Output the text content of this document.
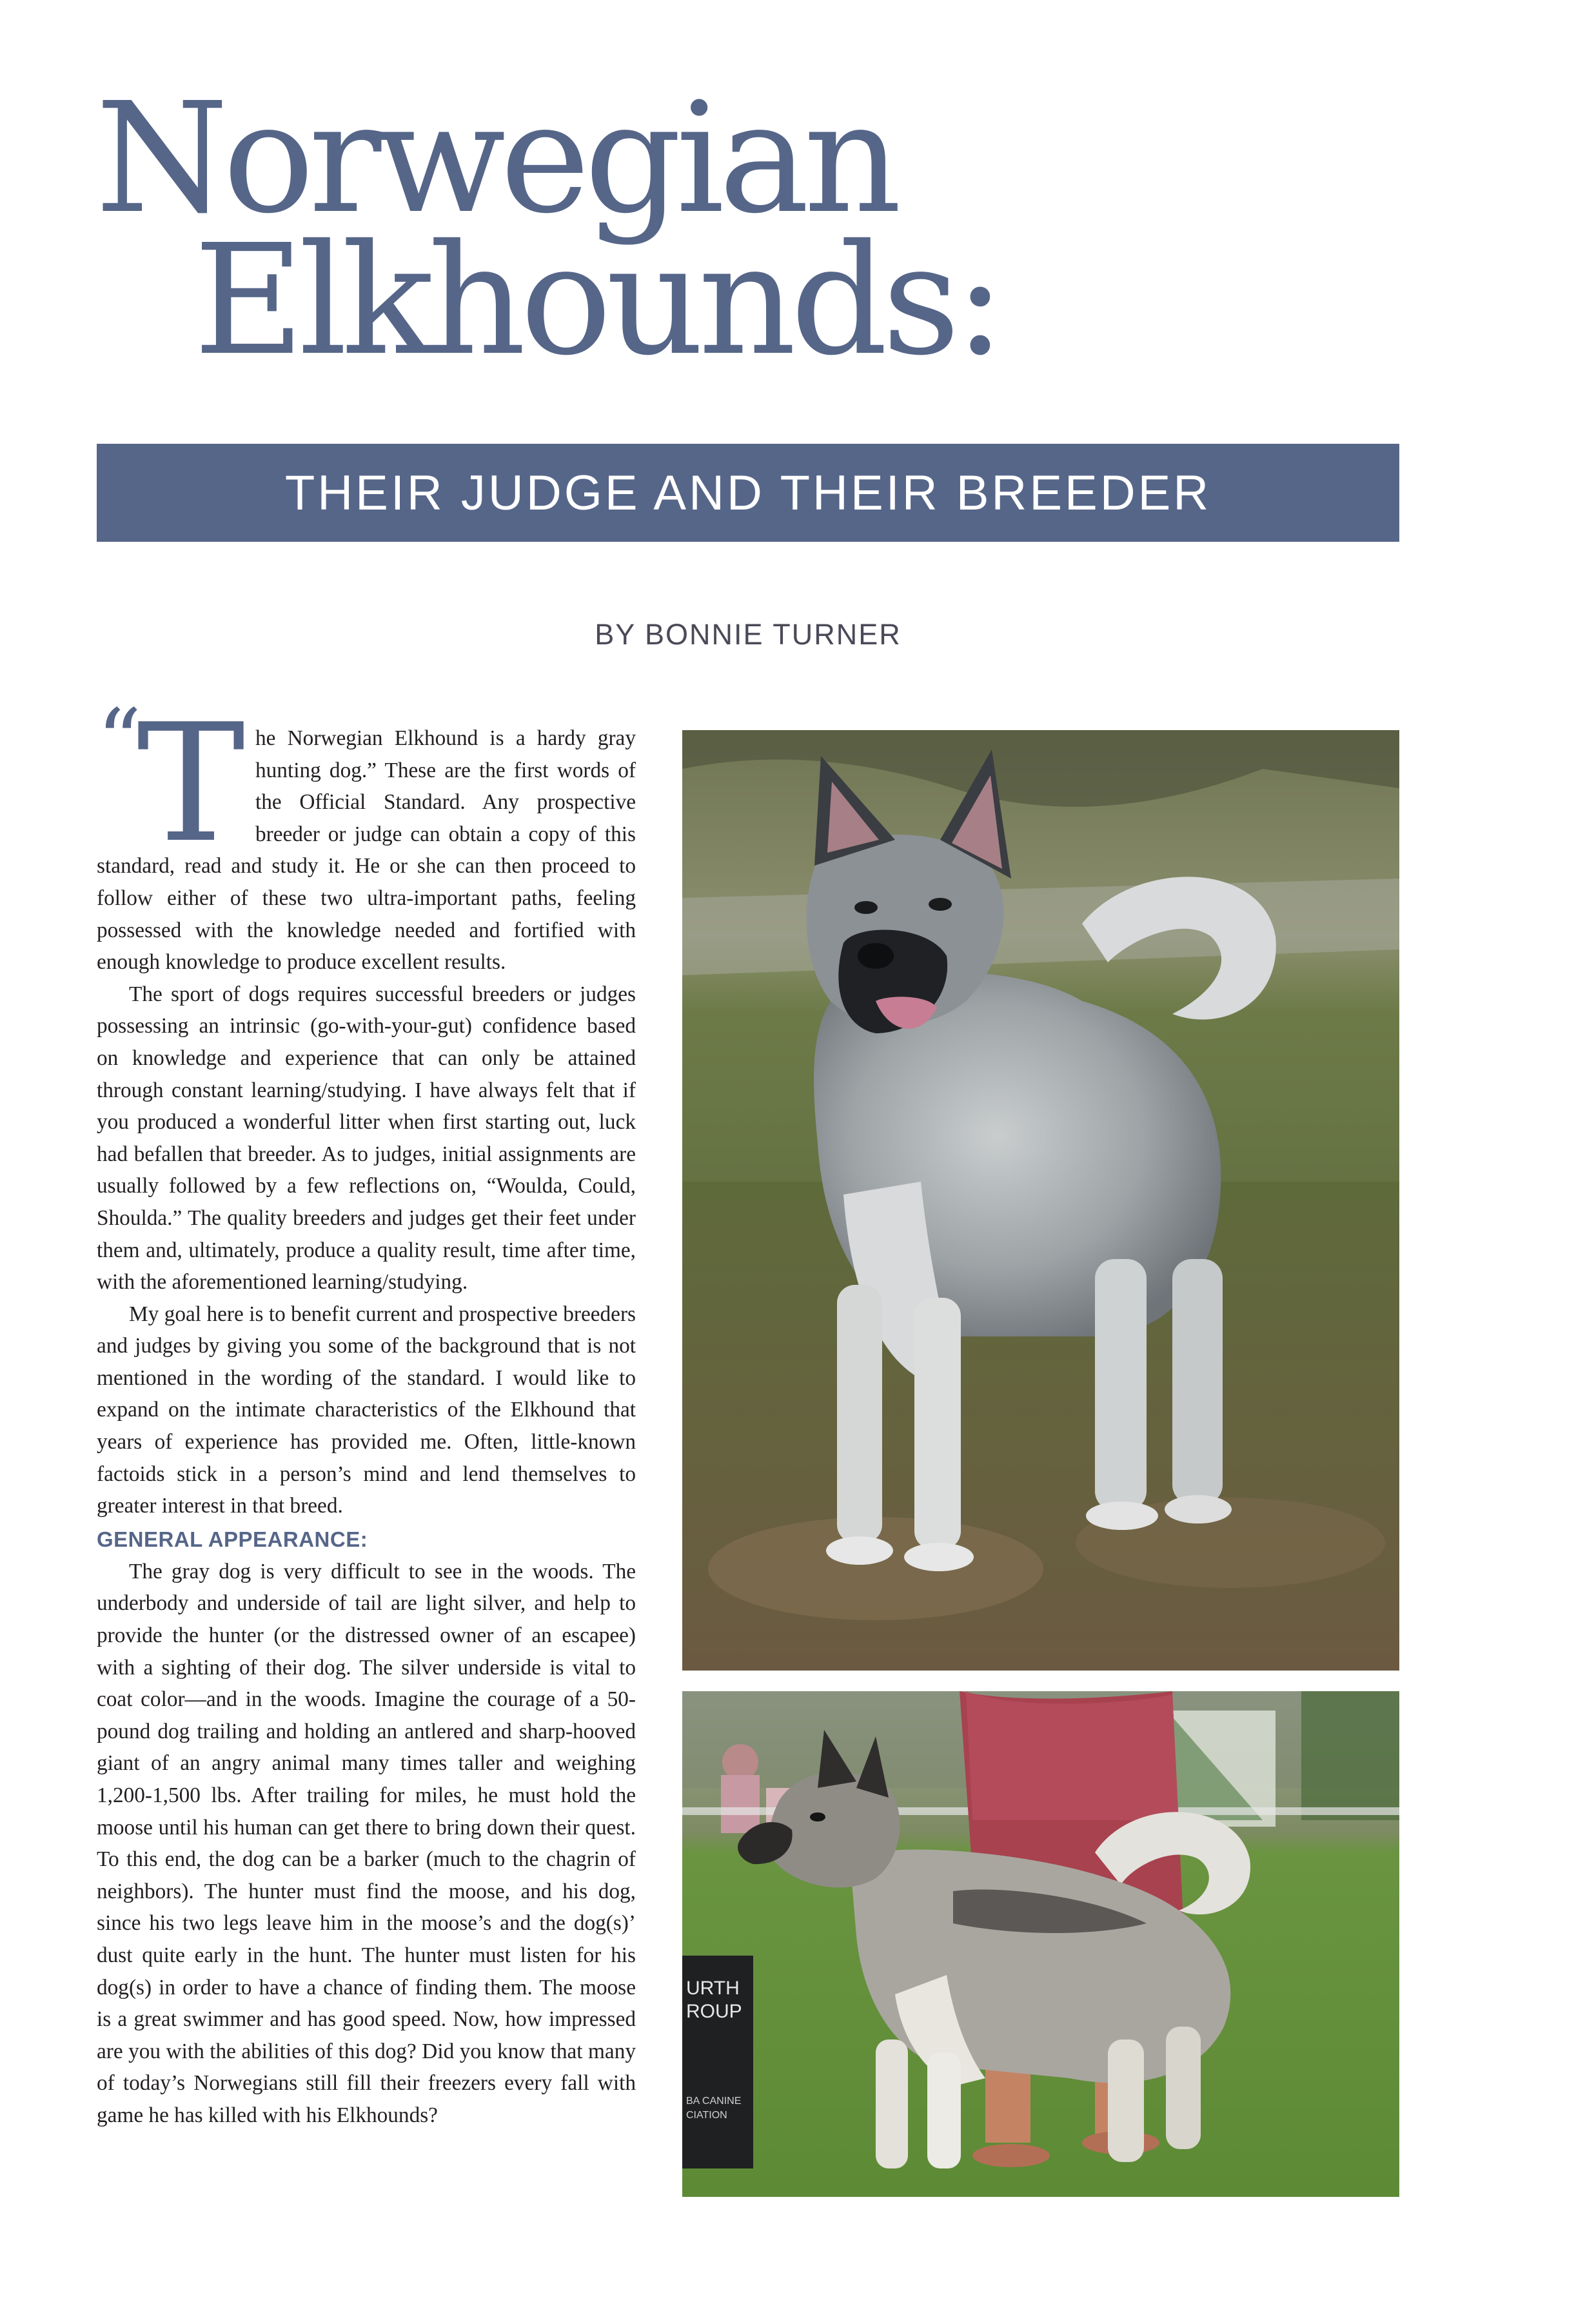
Norwegian
Elkhounds:
THEIR JUDGE AND THEIR BREEDER
BY BONNIE TURNER
“
T he Norwegian Elkhound is a hardy gray hunting dog.” These are the first words of the Official Standard. Any prospective breeder or judge can obtain a copy of this standard, read and study it. He or she can then proceed to follow either of these two ultra-important paths, feeling possessed with the knowledge needed and fortified with enough knowledge to produce excellent results.

The sport of dogs requires successful breeders or judges possessing an intrinsic (go-with-your-gut) confidence based on knowledge and experience that can only be attained through constant learning/studying. I have always felt that if you produced a wonderful litter when first starting out, luck had befallen that breeder. As to judges, initial assignments are usually followed by a few reflections on, “Woulda, Could, Shoulda.” The quality breeders and judges get their feet under them and, ultimately, produce a quality result, time after time, with the aforementioned learning/studying.

My goal here is to benefit current and prospective breeders and judges by giving you some of the background that is not mentioned in the wording of the standard. I would like to expand on the intimate characteristics of the Elkhound that years of experience has provided me. Often, little-known factoids stick in a person’s mind and lend themselves to greater interest in that breed.

GENERAL APPEARANCE:

The gray dog is very difficult to see in the woods. The underbody and underside of tail are light silver, and help to provide the hunter (or the distressed owner of an escapee) with a sighting of their dog. The silver underside is vital to coat color—and in the woods. Imagine the courage of a 50-pound dog trailing and holding an antlered and sharp-hooved giant of an angry animal many times taller and weighing 1,200-1,500 lbs. After trailing for miles, he must hold the moose until his human can get there to bring down their quest. To this end, the dog can be a barker (much to the chagrin of neighbors). The hunter must find the moose, and his dog, since his two legs leave him in the moose’s and the dog(s)’ dust quite early in the hunt. The hunter must listen for his dog(s) in order to have a chance of finding them. The moose is a great swimmer and has good speed. Now, how impressed are you with the abilities of this dog? Did you know that many of today’s Norwegians still fill their freezers every fall with game he has killed with his Elkhounds?

URTH
ROUP
BA CANINE
CIATION
